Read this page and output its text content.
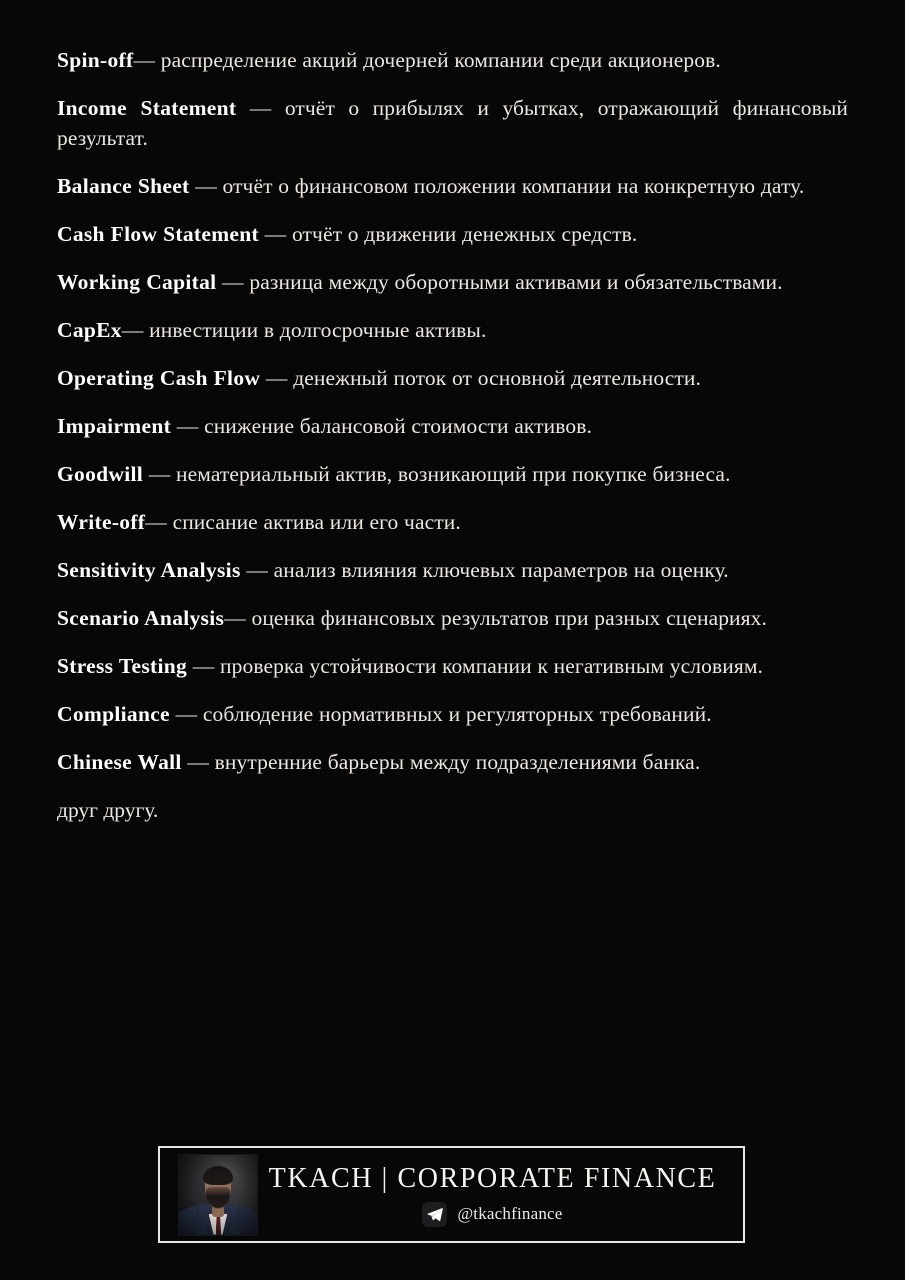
Spin-off— распределение акций дочерней компании среди акционеров.

Income Statement — отчёт о прибылях и убытках, отражающий финансовый результат.

Balance Sheet — отчёт о финансовом положении компании на конкретную дату.

Cash Flow Statement — отчёт о движении денежных средств.

Working Capital — разница между оборотными активами и обязательствами.

CapEx— инвестиции в долгосрочные активы.

Operating Cash Flow — денежный поток от основной деятельности.

Impairment — снижение балансовой стоимости активов.

Goodwill — нематериальный актив, возникающий при покупке бизнеса.

Write-off— списание актива или его части.

Sensitivity Analysis — анализ влияния ключевых параметров на оценку.

Scenario Analysis— оценка финансовых результатов при разных сценариях.

Stress Testing — проверка устойчивости компании к негативным условиям.

Compliance — соблюдение нормативных и регуляторных требований.

Chinese Wall — внутренние барьеры между подразделениями банка.

друг другу.

TKACH | CORPORATE FINANCE
@tkachfinance
